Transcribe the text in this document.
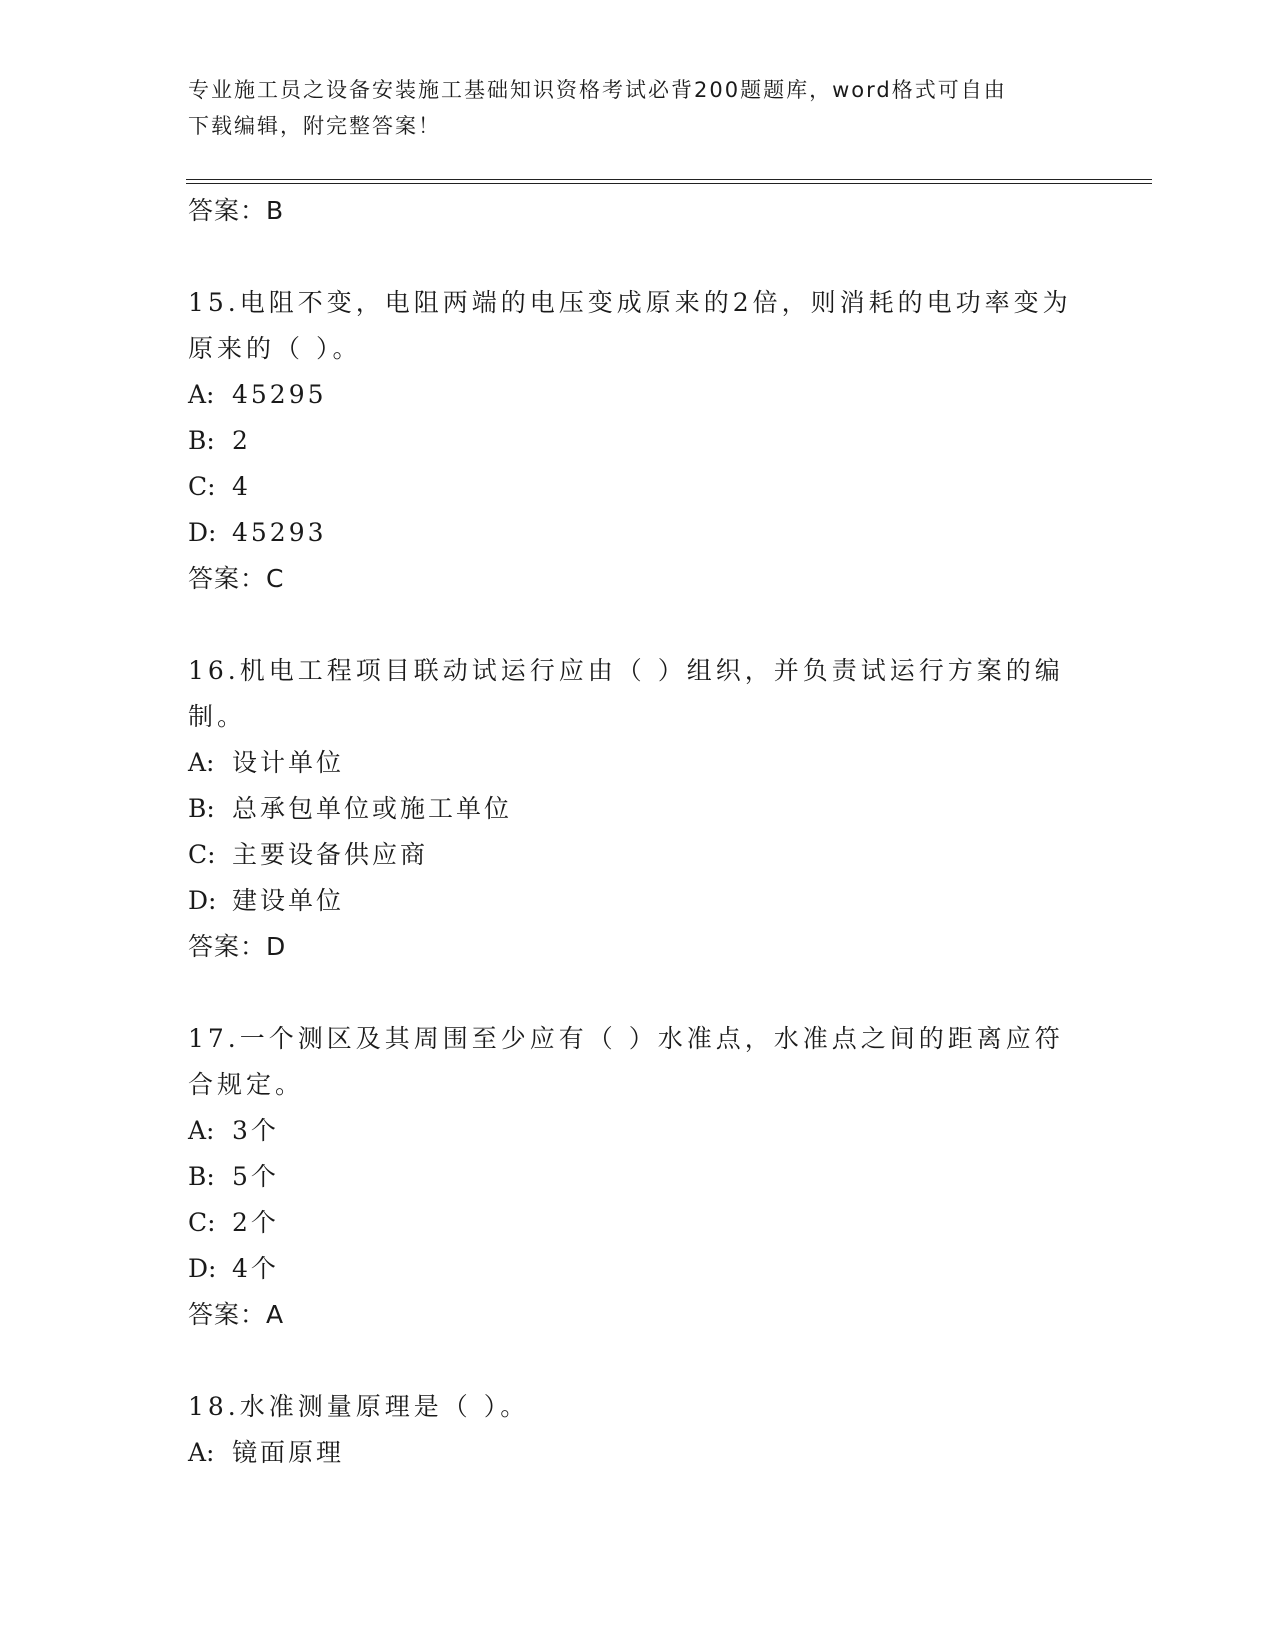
专业施工员之设备安装施工基础知识资格考试必背200题题库，word格式可自由
下载编辑，附完整答案！
答案：B
15.电阻不变，电阻两端的电压变成原来的2倍，则消耗的电功率变为
原来的（ ）。
A: 45295
B: 2
C: 4
D: 45293
答案：C
16.机电工程项目联动试运行应由（ ）组织，并负责试运行方案的编
制。
A: 设计单位
B: 总承包单位或施工单位
C: 主要设备供应商
D: 建设单位
答案：D
17.一个测区及其周围至少应有（ ）水准点，水准点之间的距离应符
合规定。
A: 3个
B: 5个
C: 2个
D: 4个
答案：A
18.水准测量原理是（ ）。
A: 镜面原理
